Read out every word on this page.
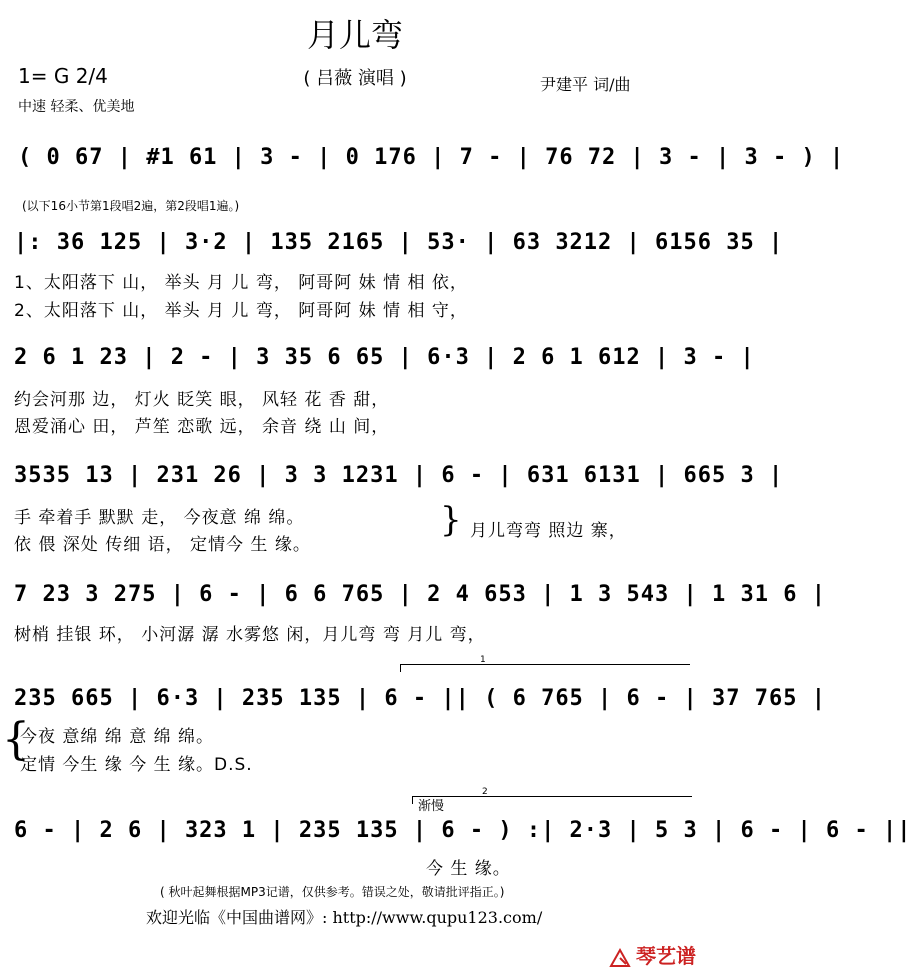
月儿弯
( 吕薇 演唱 )
1= G 2/4
中速 轻柔、优美地
尹建平 词/曲
( 0 67 | #1 61 | 3 - | 0 176 | 7 - | 76 72 | 3 - | 3 - ) |
(以下16小节第1段唱2遍，第2段唱1遍。)
|: 36 125 | 3·2 | 135 2165 | 53· | 63 3212 | 6156 35 |
1、太阳落下 山， 举头 月 儿 弯， 阿哥阿 妹 情 相 依，
2、太阳落下 山， 举头 月 儿 弯， 阿哥阿 妹 情 相 守，
2 6 1 23 | 2 - | 3 35 6 65 | 6·3 | 2 6 1 612 | 3 - |
约会河那 边， 灯火 眨笑 眼， 风轻 花 香 甜，
恩爱涌心 田， 芦笙 恋歌 远， 余音 绕 山 间，
3535 13 | 231 26 | 3 3 1231 | 6 - | 631 6131 | 665 3 |
手 牵着手 默默 走， 今夜意 绵 绵。
依 偎 深处 传细 语， 定情今 生 缘。
} 月儿弯弯 照边 寨，
7 23 3 275 | 6 - | 6 6 765 | 2 4 653 | 1 3 543 | 1 31 6 |
树梢 挂银 环， 小河潺 潺 水雾悠 闲，月儿弯 弯 月儿 弯，
1
235 665 | 6·3 | 235 135 | 6 - || ( 6 765 | 6 - | 37 765 |
{
今夜 意绵 绵 意 绵 绵。
定情 今生 缘 今 生 缘。D.S.
2
渐慢
6 - | 2 6 | 323 1 | 235 135 | 6 - ) :| 2·3 | 5 3 | 6 - | 6 - ||
今 生 缘。
( 秋叶起舞根据MP3记谱，仅供参考。错误之处，敬请批评指正。)
欢迎光临《中国曲谱网》: http://www.qupu123.com/
琴艺谱
